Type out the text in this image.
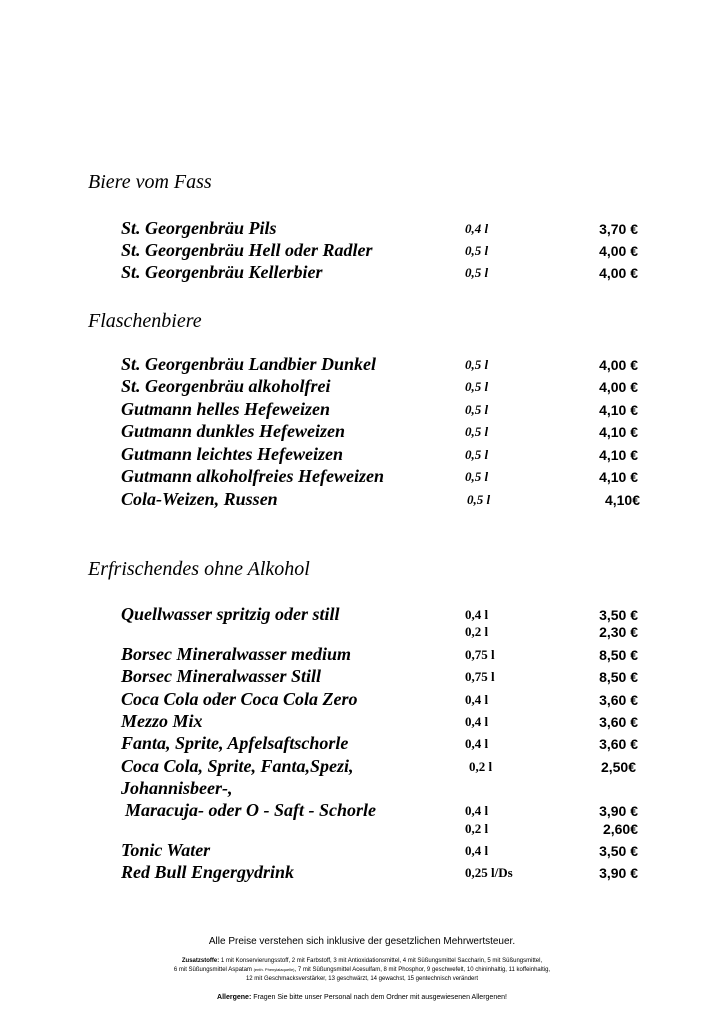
Biere vom Fass
St. Georgenbräu Pils	0,4 l	3,70 €
St. Georgenbräu Hell oder Radler	0,5 l	4,00 €
St. Georgenbräu Kellerbier	0,5 l	4,00 €
Flaschenbiere
St. Georgenbräu Landbier Dunkel	0,5 l	4,00 €
St. Georgenbräu alkoholfrei	0,5 l	4,00 €
Gutmann helles Hefeweizen	0,5 l	4,10 €
Gutmann dunkles Hefeweizen	0,5 l	4,10 €
Gutmann leichtes Hefeweizen	0,5 l	4,10 €
Gutmann alkoholfreies Hefeweizen	0,5 l	4,10 €
Cola-Weizen, Russen	0,5 l	4,10€
Erfrischendes ohne Alkohol
Quellwasser spritzig oder still	0,4 l	3,50 €
0,2 l	2,30 €
Borsec Mineralwasser medium	0,75 l	8,50 €
Borsec Mineralwasser Still	0,75 l	8,50 €
Coca Cola oder Coca Cola Zero	0,4 l	3,60 €
Mezzo Mix	0,4 l	3,60 €
Fanta, Sprite, Apfelsaftschorle	0,4 l	3,60 €
Coca Cola, Sprite, Fanta,Spezi,	0,2 l	2,50€
Johannisbeer-,
Maracuja- oder O - Saft - Schorle	0,4 l	3,90 €
0,2 l	2,60€
Tonic Water	0,4 l	3,50 €
Red Bull Engergydrink	0,25 l/Ds	3,90 €
Alle Preise verstehen sich inklusive der gesetzlichen Mehrwertsteuer.
Zusatzstoffe: 1 mit Konservierungsstoff, 2 mit Farbstoff, 3 mit Antioxidationsmittel, 4 mit Süßungsmittel Saccharin, 5 mit Süßungsmittel,
6 mit Süßungsmittel Aspatam (enth. Phenylalaquelle), 7 mit Süßungsmittel Acesulfam, 8 mit Phosphor, 9 geschwefelt, 10 chininhaltig, 11 koffeinhaltig,
12 mit Geschmacksverstärker, 13 geschwärzt, 14 gewachst, 15 gentechnisch verändert
Allergene: Fragen Sie bitte unser Personal nach dem Ordner mit ausgewiesenen Allergenen!
